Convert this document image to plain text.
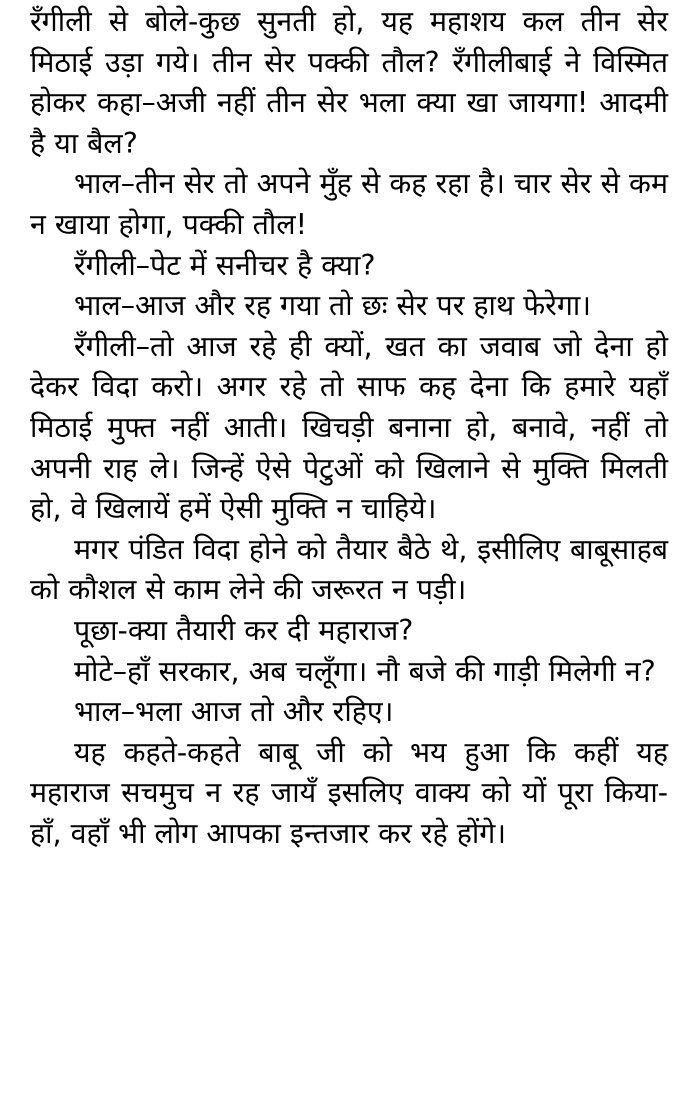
रँगीली से बोले-कुछ सुनती हो, यह महाशय कल तीन सेर मिठाई उड़ा गये। तीन सेर पक्की तौल? रँगीलीबाई ने विस्मित होकर कहा–अजी नहीं तीन सेर भला क्या खा जायगा! आदमी है या बैल?

भाल–तीन सेर तो अपने मुँह से कह रहा है। चार सेर से कम न खाया होगा, पक्की तौल!

रँगीली–पेट में सनीचर है क्या?

भाल–आज और रह गया तो छः सेर पर हाथ फेरेगा।

रँगीली–तो आज रहे ही क्यों, खत का जवाब जो देना हो देकर विदा करो। अगर रहे तो साफ कह देना कि हमारे यहाँ मिठाई मुफ्त नहीं आती। खिचड़ी बनाना हो, बनावे, नहीं तो अपनी राह ले। जिन्हें ऐसे पेटुओं को खिलाने से मुक्ति मिलती हो, वे खिलायें हमें ऐसी मुक्ति न चाहिये।

मगर पंडित विदा होने को तैयार बैठे थे, इसीलिए बाबूसाहब को कौशल से काम लेने की जरूरत न पड़ी।

पूछा-क्या तैयारी कर दी महाराज?

मोटे–हाँ सरकार, अब चलूँगा। नौ बजे की गाड़ी मिलेगी न?

भाल–भला आज तो और रहिए।

यह कहते-कहते बाबू जी को भय हुआ कि कहीं यह महाराज सचमुच न रह जायँ इसलिए वाक्य को यों पूरा किया-हाँ, वहाँ भी लोग आपका इन्तजार कर रहे होंगे।
